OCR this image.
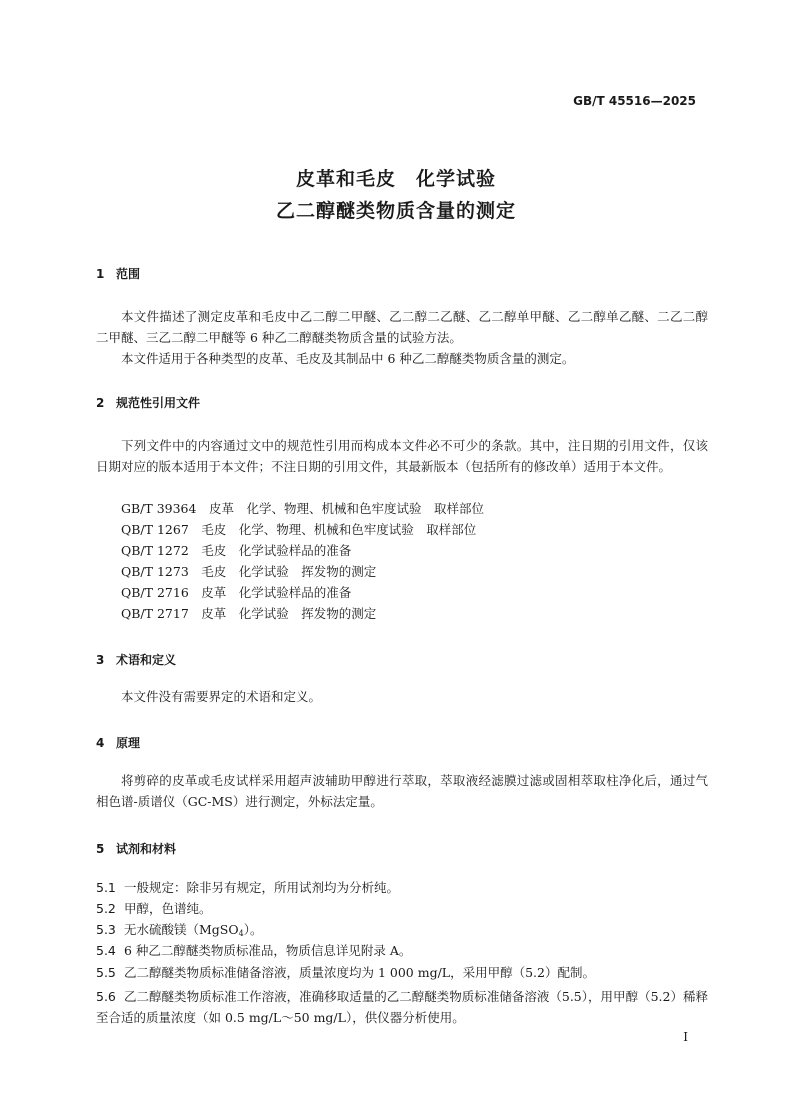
GB/T 45516—2025
皮革和毛皮　化学试验
乙二醇醚类物质含量的测定
1 范围
本文件描述了测定皮革和毛皮中乙二醇二甲醚、乙二醇二乙醚、乙二醇单甲醚、乙二醇单乙醚、二乙二醇二甲醚、三乙二醇二甲醚等 6 种乙二醇醚类物质含量的试验方法。
本文件适用于各种类型的皮革、毛皮及其制品中 6 种乙二醇醚类物质含量的测定。
2 规范性引用文件
下列文件中的内容通过文中的规范性引用而构成本文件必不可少的条款。其中，注日期的引用文件，仅该日期对应的版本适用于本文件；不注日期的引用文件，其最新版本（包括所有的修改单）适用于本文件。
GB/T 39364　皮革　化学、物理、机械和色牢度试验　取样部位
QB/T 1267　毛皮　化学、物理、机械和色牢度试验　取样部位
QB/T 1272　毛皮　化学试验样品的准备
QB/T 1273　毛皮　化学试验　挥发物的测定
QB/T 2716　皮革　化学试验样品的准备
QB/T 2717　皮革　化学试验　挥发物的测定
3 术语和定义
本文件没有需要界定的术语和定义。
4 原理
将剪碎的皮革或毛皮试样采用超声波辅助甲醇进行萃取，萃取液经滤膜过滤或固相萃取柱净化后，通过气相色谱-质谱仪（GC-MS）进行测定，外标法定量。
5 试剂和材料
5.1 一般规定：除非另有规定，所用试剂均为分析纯。
5.2 甲醇，色谱纯。
5.3 无水硫酸镁（MgSO$_4$）。
5.4 6 种乙二醇醚类物质标准品，物质信息详见附录 A。
5.5 乙二醇醚类物质标准储备溶液，质量浓度均为 1 000 mg/L，采用甲醇（5.2）配制。
5.6 乙二醇醚类物质标准工作溶液，准确移取适量的乙二醇醚类物质标准储备溶液（5.5），用甲醇（5.2）稀释至合适的质量浓度（如 0.5 mg/L～50 mg/L），供仪器分析使用。
I
